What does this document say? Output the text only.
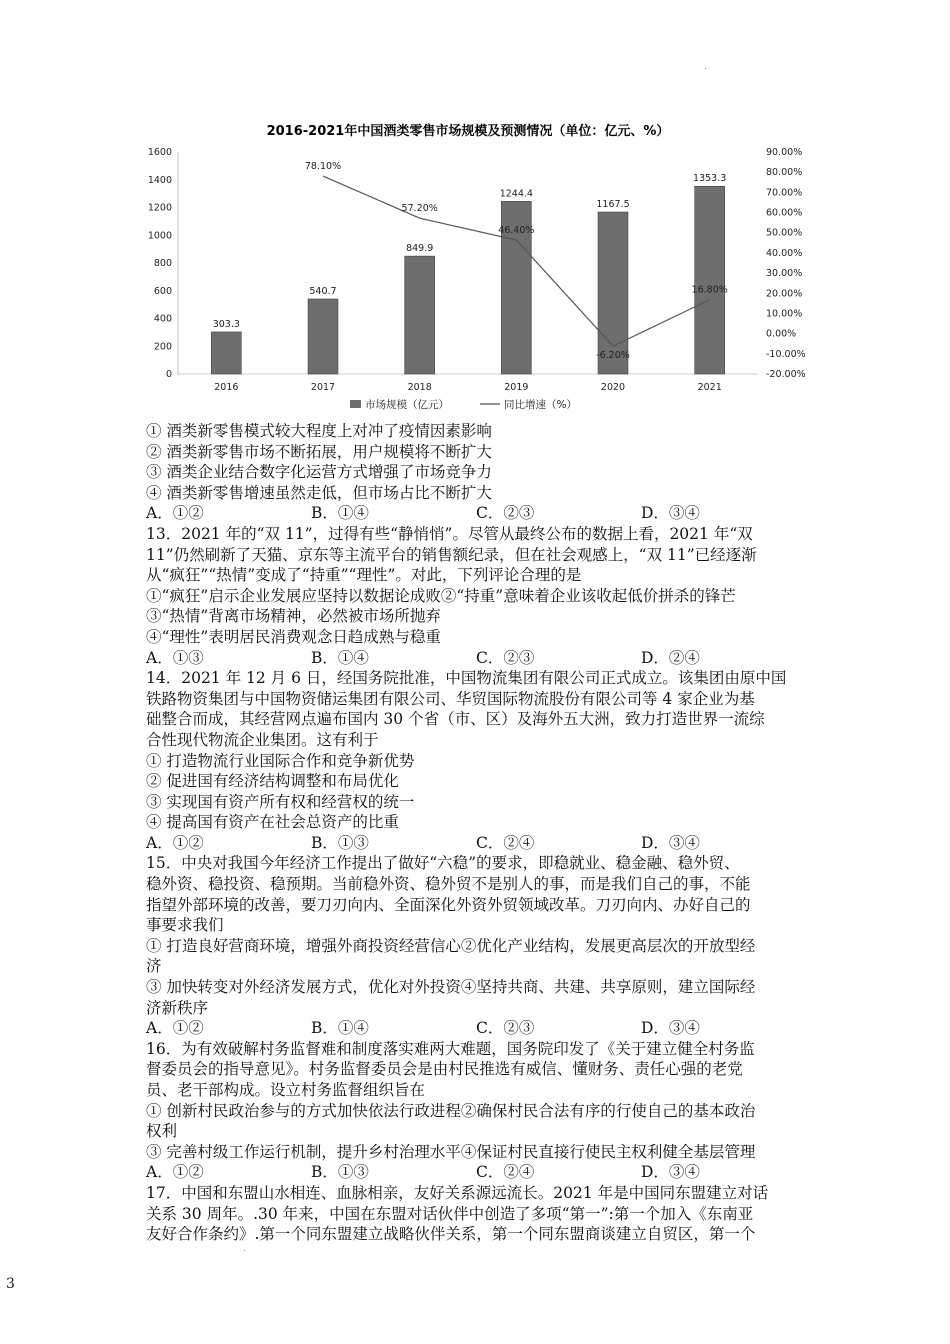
.
.
2016-2021年中国酒类零售市场规模及预测情况（单位：亿元、%）
0
200
400
600
800
1000
1200
1400
1600
-20.00%
-10.00%
0.00%
10.00%
20.00%
30.00%
40.00%
50.00%
60.00%
70.00%
80.00%
90.00%
2016	2017	2018	2019	2020	2021
303.3
540.7
849.9
1244.4
1167.5
1353.3
78.10%
57.20%
46.40%
-6.20%
16.80%
市场规模（亿元）	同比增速（%）
① 酒类新零售模式较大程度上对冲了疫情因素影响
② 酒类新零售市场不断拓展，用户规模将不断扩大
③ 酒类企业结合数字化运营方式增强了市场竞争力
④ 酒类新零售增速虽然走低，但市场占比不断扩大
A．①②	B．①④	C．②③	D．③④
13．2021 年的“双 11”，过得有些“静悄悄”。尽管从最终公布的数据上看，2021 年“双
11”仍然刷新了天猫、京东等主流平台的销售额纪录，但在社会观感上，“双 11”已经逐渐
从“疯狂”“热情”变成了“持重”“理性”。对此，下列评论合理的是
①“疯狂”启示企业发展应坚持以数据论成败②“持重”意味着企业该收起低价拼杀的锋芒
③“热情”背离市场精神，必然被市场所抛弃
④“理性”表明居民消费观念日趋成熟与稳重
A．①③	B．①④	C．②③	D．②④
14．2021 年 12 月 6 日，经国务院批准，中国物流集团有限公司正式成立。该集团由原中国
铁路物资集团与中国物资储运集团有限公司、华贸国际物流股份有限公司等 4 家企业为基
础整合而成，其经营网点遍布国内 30 个省（市、区）及海外五大洲，致力打造世界一流综
合性现代物流企业集团。这有利于
① 打造物流行业国际合作和竞争新优势
② 促进国有经济结构调整和布局优化
③ 实现国有资产所有权和经营权的统一
④ 提高国有资产在社会总资产的比重
A．①②	B．①③	C．②④	D．③④
15．中央对我国今年经济工作提出了做好“六稳”的要求，即稳就业、稳金融、稳外贸、
稳外资、稳投资、稳预期。当前稳外资、稳外贸不是别人的事，而是我们自己的事，不能
指望外部环境的改善，要刀刃向内、全面深化外资外贸领域改革。刀刃向内、办好自己的
事要求我们
① 打造良好营商环境，增强外商投资经营信心②优化产业结构，发展更高层次的开放型经
济
③ 加快转变对外经济发展方式，优化对外投资④坚持共商、共建、共享原则，建立国际经
济新秩序
A．①②	B．①④	C．②③	D．③④
16．为有效破解村务监督难和制度落实难两大难题，国务院印发了《关于建立健全村务监
督委员会的指导意见》。村务监督委员会是由村民推选有威信、懂财务、责任心强的老党
员、老干部构成。设立村务监督组织旨在
① 创新村民政治参与的方式加快依法行政进程②确保村民合法有序的行使自己的基本政治
权利
③ 完善村级工作运行机制，提升乡村治理水平④保证村民直接行使民主权利健全基层管理
A．①②	B．①③	C．②④	D．③④
17．中国和东盟山水相连、血脉相亲，友好关系源远流长。2021 年是中国同东盟建立对话
关系 30 周年。.30 年来，中国在东盟对话伙伴中创造了多项“第一”:第一个加入《东南亚
友好合作条约》.第一个同东盟建立战略伙伴关系，第一个同东盟商谈建立自贸区，第一个
3
